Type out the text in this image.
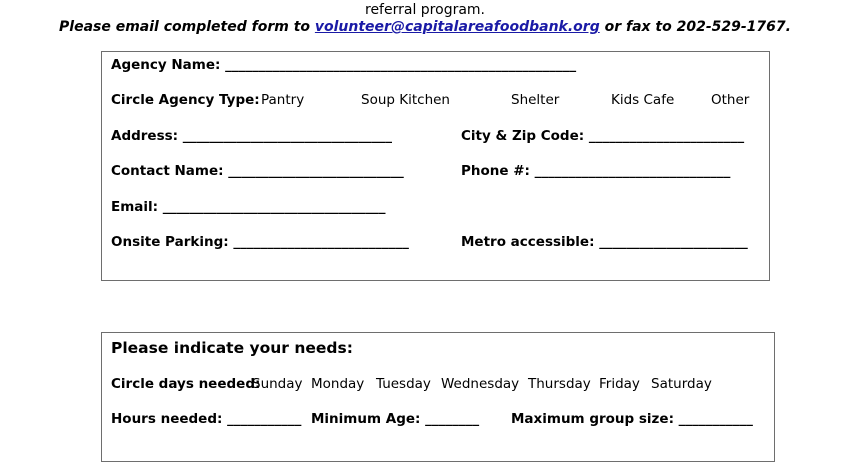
referral program.
Please email completed form to volunteer@capitalareafoodbank.org or fax to 202-529-1767.
Agency Name: ____________________________________________________
Circle Agency Type: Pantry	Soup Kitchen	Shelter	Kids Cafe	Other
Address: _______________________________	City & Zip Code: _______________________
Contact Name: __________________________	Phone #: _____________________________
Email: _________________________________
Onsite Parking: __________________________	Metro accessible: ______________________
Please indicate your needs:
Circle days needed:
Sunday Monday Tuesday Wednesday Thursday Friday Saturday
Hours needed: ___________ Minimum Age: ________ Maximum group size: ___________
